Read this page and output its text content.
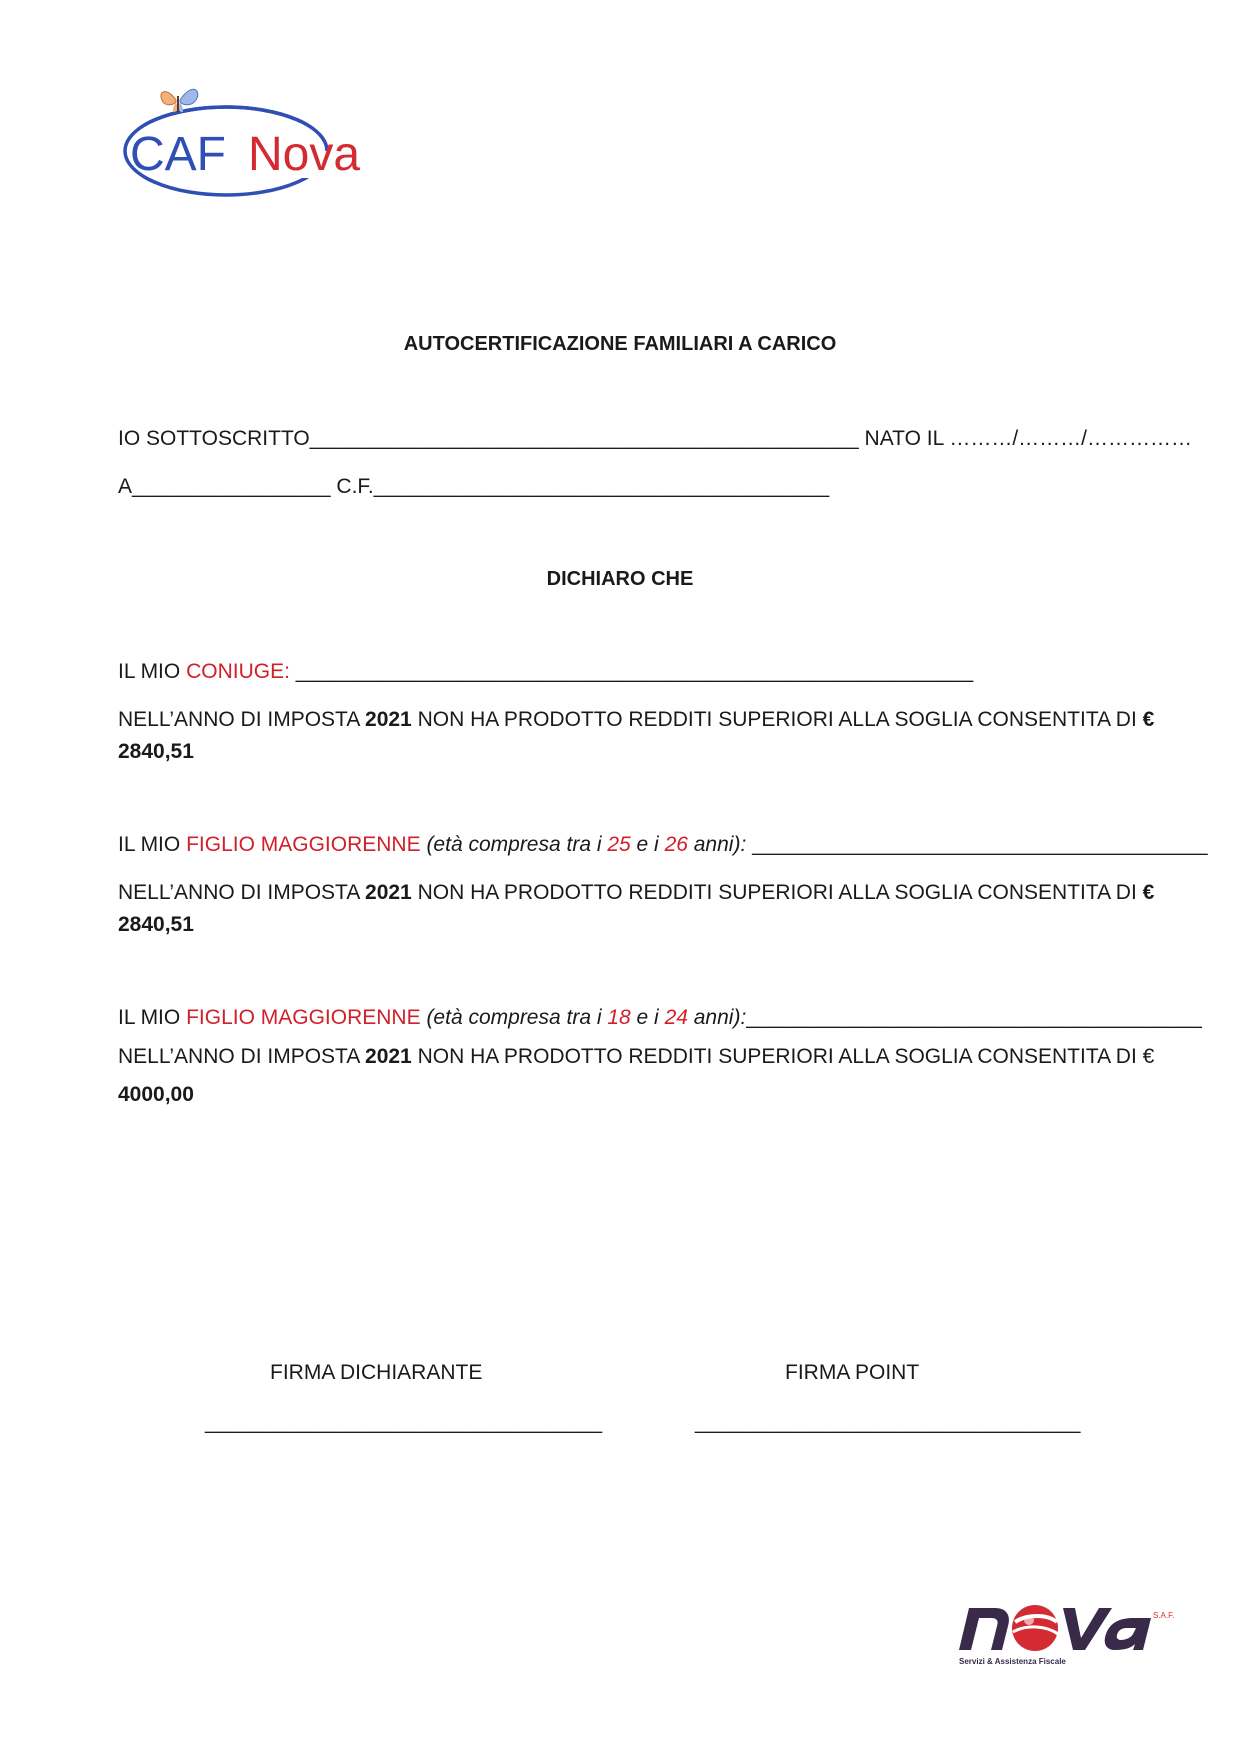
CAF Nova
AUTOCERTIFICAZIONE FAMILIARI A CARICO
IO SOTTOSCRITTO_______________________________________________ NATO IL ………/………/……………
A_________________ C.F._______________________________________
DICHIARO CHE
IL MIO CONIUGE: __________________________________________________________
NELL’ANNO DI IMPOSTA 2021 NON HA PRODOTTO REDDITI SUPERIORI ALLA SOGLIA CONSENTITA DI €
2840,51
IL MIO FIGLIO MAGGIORENNE (età compresa tra i 25 e i 26 anni): _______________________________________
NELL’ANNO DI IMPOSTA 2021 NON HA PRODOTTO REDDITI SUPERIORI ALLA SOGLIA CONSENTITA DI €
2840,51
IL MIO FIGLIO MAGGIORENNE (età compresa tra i 18 e i 24 anni):_______________________________________
NELL’ANNO DI IMPOSTA 2021 NON HA PRODOTTO REDDITI SUPERIORI ALLA SOGLIA CONSENTITA DI €
4000,00
FIRMA DICHIARANTE
__________________________________
FIRMA POINT
_________________________________
S.A.F.
Servizi & Assistenza Fiscale
